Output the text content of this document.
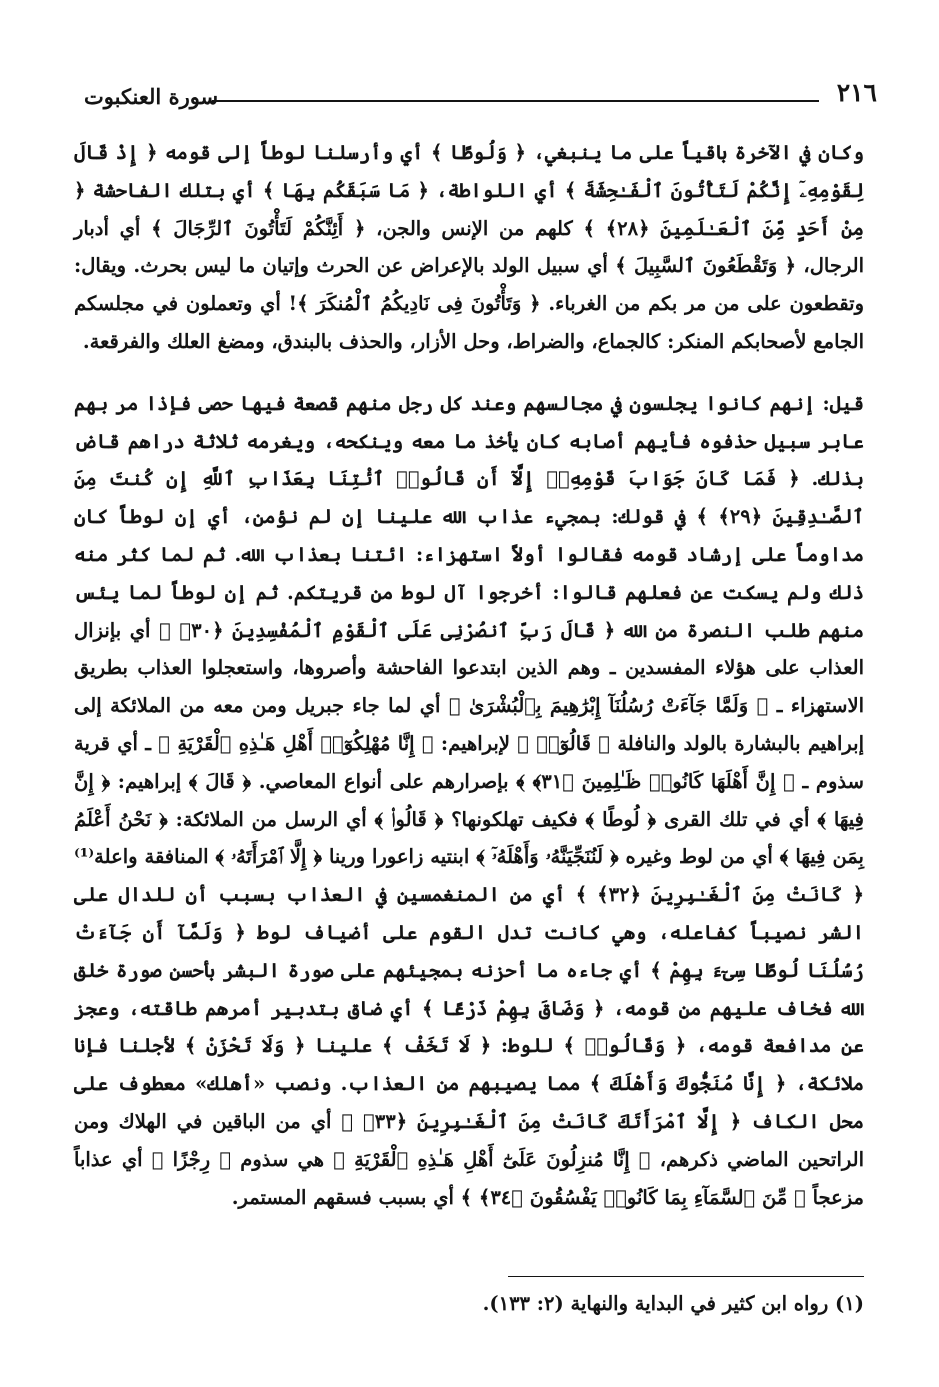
سورة العنكبوت	٢١٦

وكان في الآخرة باقياً على ما ينبغي، ﴿ وَلُوطًا ﴾ أي وأرسلنا لوطاً إلى قومه ﴿ إِذْ قَالَ لِقَوْمِهِۦٓ إِنَّكُمْ لَتَأْتُونَ ٱلْفَـٰحِشَةَ ﴾ أي اللواطة، ﴿ مَا سَبَقَكُم بِهَا ﴾ أي بتلك الفاحشة ﴿ مِنْ أَحَدٍ مِّنَ ٱلْعَـٰلَمِينَ ﴿٢٨﴾ ﴾ كلهم من الإنس والجن، ﴿ أَئِنَّكُمْ لَتَأْتُونَ ٱلرِّجَالَ ﴾ أي أدبار الرجال، ﴿ وَتَقْطَعُونَ ٱلسَّبِيلَ ﴾ أي سبيل الولد بالإعراض عن الحرث وإتيان ما ليس بحرث. ويقال: وتقطعون على من مر بكم من الغرباء. ﴿ وَتَأْتُونَ فِى نَادِيكُمُ ٱلْمُنكَرَ ﴾! أي وتعملون في مجلسكم الجامع لأصحابكم المنكر: كالجماع، والضراط، وحل الأزار، والحذف بالبندق، ومضغ العلك والفرقعة.

قيل: إنهم كانوا يجلسون في مجالسهم وعند كل رجل منهم قصعة فيها حصى فإذا مر بهم عابر سبيل حذفوه فأيهم أصابه كان يأخذ ما معه وينكحه، ويغرمه ثلاثة دراهم قاض بذلك. ﴿ فَمَا كَانَ جَوَابَ قَوْمِهِۦٓ إِلَّآ أَن قَالُوا۟ ٱئْتِنَا بِعَذَابِ ٱللَّهِ إِن كُنتَ مِنَ ٱلصَّـٰدِقِينَ ﴿٢٩﴾ ﴾ في قولك: بمجيء عذاب الله علينا إن لم نؤمن، أي إن لوطاً كان مداوماً على إرشاد قومه فقالوا أولاً استهزاء: ائتنا بعذاب الله. ثم لما كثر منه ذلك ولم يسكت عن فعلهم قالوا: أخرجوا آل لوط من قريتكم. ثم إن لوطاً لما يئس منهم طلب النصرة من الله ﴿ قَالَ رَبِّ ٱنصُرْنِى عَلَى ٱلْقَوْمِ ٱلْمُفْسِدِينَ ﴿٣٠﴾ ﴾ أي بإنزال العذاب على هؤلاء المفسدين ـ وهم الذين ابتدعوا الفاحشة وأصروها، واستعجلوا العذاب بطريق الاستهزاء ـ ﴿ وَلَمَّا جَآءَتْ رُسُلُنَآ إِبْرَٰهِيمَ بِٱلْبُشْرَىٰ ﴾ أي لما جاء جبريل ومن معه من الملائكة إلى إبراهيم بالبشارة بالولد والنافلة ﴿ قَالُوٓا۟ ﴾ لإبراهيم: ﴿ إِنَّا مُهْلِكُوٓا۟ أَهْلِ هَـٰذِهِ ٱلْقَرْيَةِ ﴾ ـ أي قرية سذوم ـ ﴿ إِنَّ أَهْلَهَا كَانُوا۟ ظَـٰلِمِينَ ﴿٣١﴾ ﴾ بإصرارهم على أنواع المعاصي. ﴿ قَالَ ﴾ إبراهيم: ﴿ إِنَّ فِيهَا ﴾ أي في تلك القرى ﴿ لُوطًا ﴾ فكيف تهلكونها؟ ﴿ قَالُوا۟ ﴾ أي الرسل من الملائكة: ﴿ نَحْنُ أَعْلَمُ بِمَن فِيهَا ﴾ أي من لوط وغيره ﴿ لَنُنَجِّيَنَّهُۥ وَأَهْلَهُۥٓ ﴾ ابنتيه زاعورا ورينا ﴿ إِلَّا ٱمْرَأَتَهُۥ ﴾ المنافقة واعلة⁽¹⁾ ﴿ كَانَتْ مِنَ ٱلْغَـٰبِرِينَ ﴿٣٢﴾ ﴾ أي من المنغمسين في العذاب بسبب أن للدال على الشر نصيباً كفاعله، وهي كانت تدل القوم على أضياف لوط ﴿ وَلَمَّآ أَن جَآءَتْ رُسُلُنَا لُوطًا سِىٓءَ بِهِمْ ﴾ أي جاءه ما أحزنه بمجيئهم على صورة البشر بأحسن صورة خلق الله فخاف عليهم من قومه، ﴿ وَضَاقَ بِهِمْ ذَرْعًا ﴾ أي ضاق بتدبير أمرهم طاقته، وعجز عن مدافعة قومه، ﴿ وَقَالُوا۟ ﴾ للوط: ﴿ لَا تَخَفْ ﴾ علينا ﴿ وَلَا تَحْزَنْ ﴾ لأجلنا فإنا ملائكة، ﴿ إِنَّا مُنَجُّوكَ وَأَهْلَكَ ﴾ مما يصيبهم من العذاب. ونصب «أهلك» معطوف على محل الكاف ﴿ إِلَّا ٱمْرَأَتَكَ كَانَتْ مِنَ ٱلْغَـٰبِرِينَ ﴿٣٣﴾ ﴾ أي من الباقين في الهلاك ومن الراتحين الماضي ذكرهم، ﴿ إِنَّا مُنزِلُونَ عَلَىٰٓ أَهْلِ هَـٰذِهِ ٱلْقَرْيَةِ ﴾ هي سذوم ﴿ رِجْزًا ﴾ أي عذاباً مزعجاً ﴿ مِّنَ ٱلسَّمَآءِ بِمَا كَانُوا۟ يَفْسُقُونَ ﴿٣٤﴾ ﴾ أي بسبب فسقهم المستمر.

(١) رواه ابن كثير في البداية والنهاية (٢: ١٣٣).
